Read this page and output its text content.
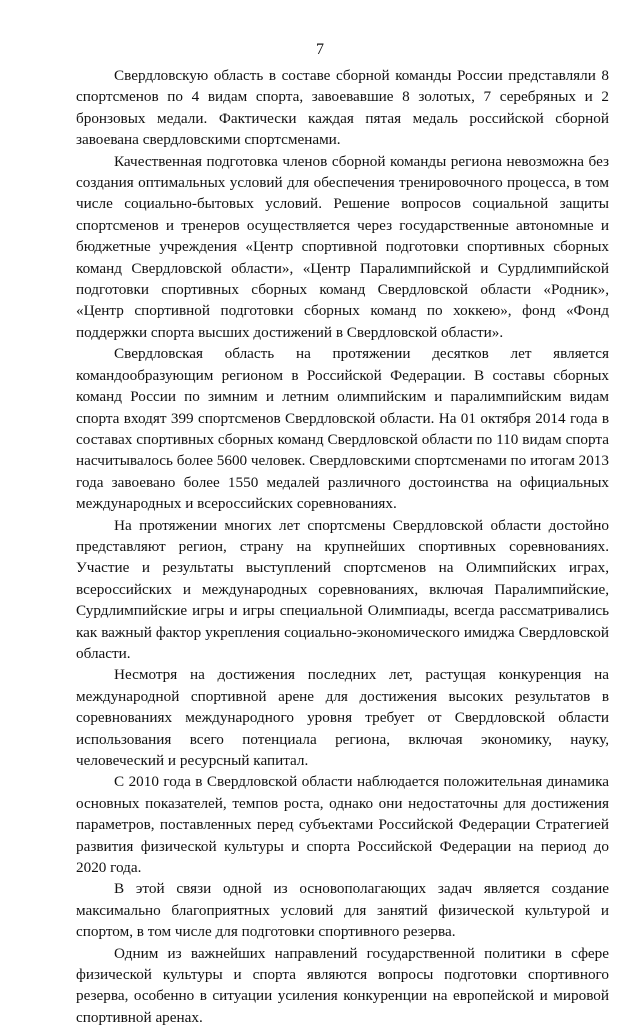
7

Свердловскую область в составе сборной команды России представляли 8 спортсменов по 4 видам спорта, завоевавшие 8 золотых, 7 серебряных и 2 бронзовых медали. Фактически каждая пятая медаль российской сборной завоевана свердловскими спортсменами.

Качественная подготовка членов сборной команды региона невозможна без создания оптимальных условий для обеспечения тренировочного процесса, в том числе социально-бытовых условий. Решение вопросов социальной защиты спортсменов и тренеров осуществляется через государственные автономные и бюджетные учреждения «Центр спортивной подготовки спортивных сборных команд Свердловской области», «Центр Паралимпийской и Сурдлимпийской подготовки спортивных сборных команд Свердловской области «Родник», «Центр спортивной подготовки сборных команд по хоккею», фонд «Фонд поддержки спорта высших достижений в Свердловской области».

Свердловская область на протяжении десятков лет является командообразующим регионом в Российской Федерации. В составы сборных команд России по зимним и летним олимпийским и паралимпийским видам спорта входят 399 спортсменов Свердловской области. На 01 октября 2014 года в составах спортивных сборных команд Свердловской области по 110 видам спорта насчитывалось более 5600 человек. Свердловскими спортсменами по итогам 2013 года завоевано более 1550 медалей различного достоинства на официальных международных и всероссийских соревнованиях.

На протяжении многих лет спортсмены Свердловской области достойно представляют регион, страну на крупнейших спортивных соревнованиях. Участие и результаты выступлений спортсменов на Олимпийских играх, всероссийских и международных соревнованиях, включая Паралимпийские, Сурдлимпийские игры и игры специальной Олимпиады, всегда рассматривались как важный фактор укрепления социально-экономического имиджа Свердловской области.

Несмотря на достижения последних лет, растущая конкуренция на международной спортивной арене для достижения высоких результатов в соревнованиях международного уровня требует от Свердловской области использования всего потенциала региона, включая экономику, науку, человеческий и ресурсный капитал.

С 2010 года в Свердловской области наблюдается положительная динамика основных показателей, темпов роста, однако они недостаточны для достижения параметров, поставленных перед субъектами Российской Федерации Стратегией развития физической культуры и спорта Российской Федерации на период до 2020 года.

В этой связи одной из основополагающих задач является создание максимально благоприятных условий для занятий физической культурой и спортом, в том числе для подготовки спортивного резерва.

Одним из важнейших направлений государственной политики в сфере физической культуры и спорта являются вопросы подготовки спортивного резерва, особенно в ситуации усиления конкуренции на европейской и мировой спортивной аренах.
